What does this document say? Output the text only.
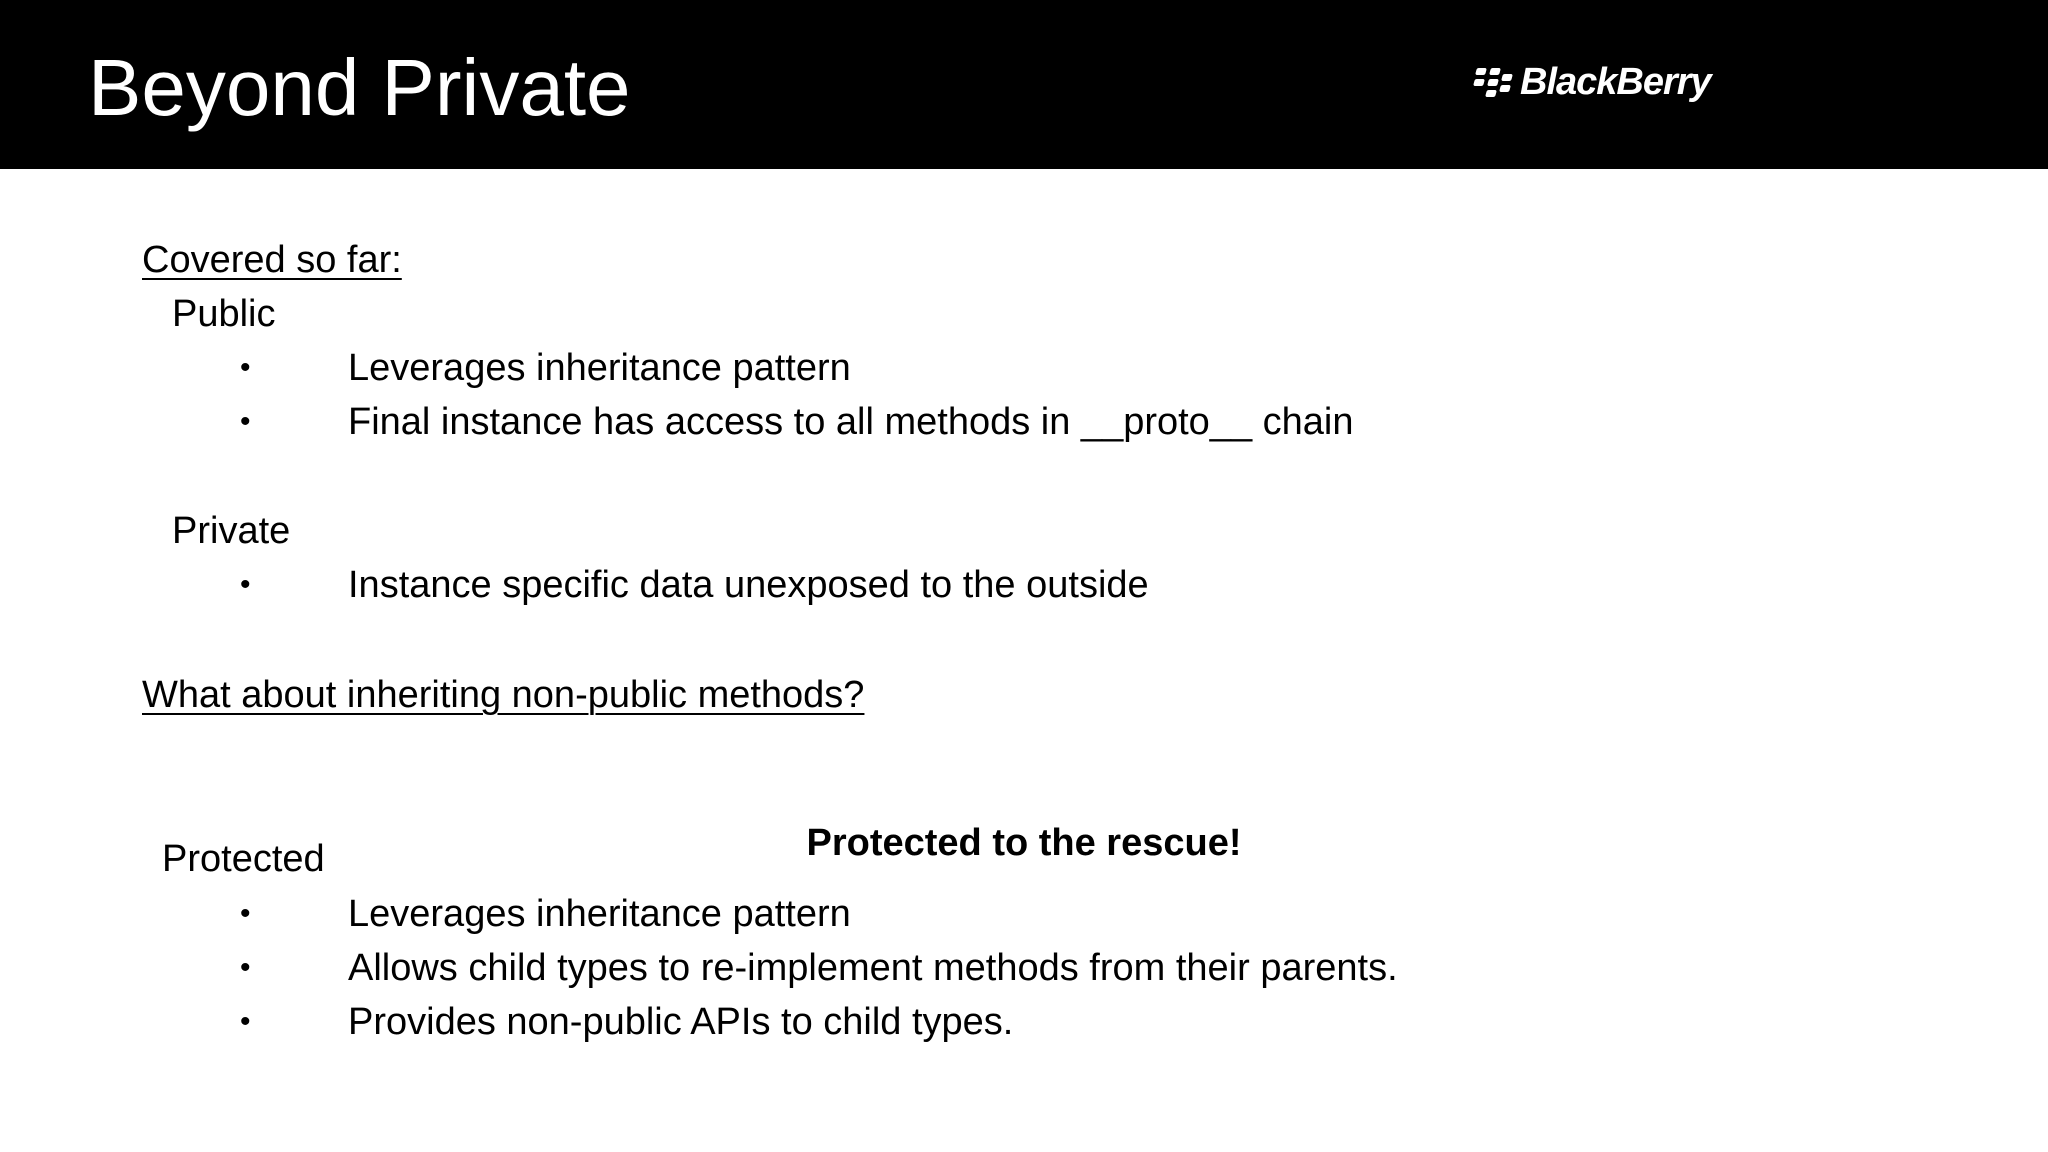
Beyond Private	BlackBerry

Covered so far:

Public

•	Leverages inheritance pattern
•	Final instance has access to all methods in __proto__ chain

Private

•	Instance specific data unexposed to the outside

What about inheriting non-public methods?

Protected to the rescue!

Protected

•	Leverages inheritance pattern
•	Allows child types to re-implement methods from their parents.
•	Provides non-public APIs to child types.
